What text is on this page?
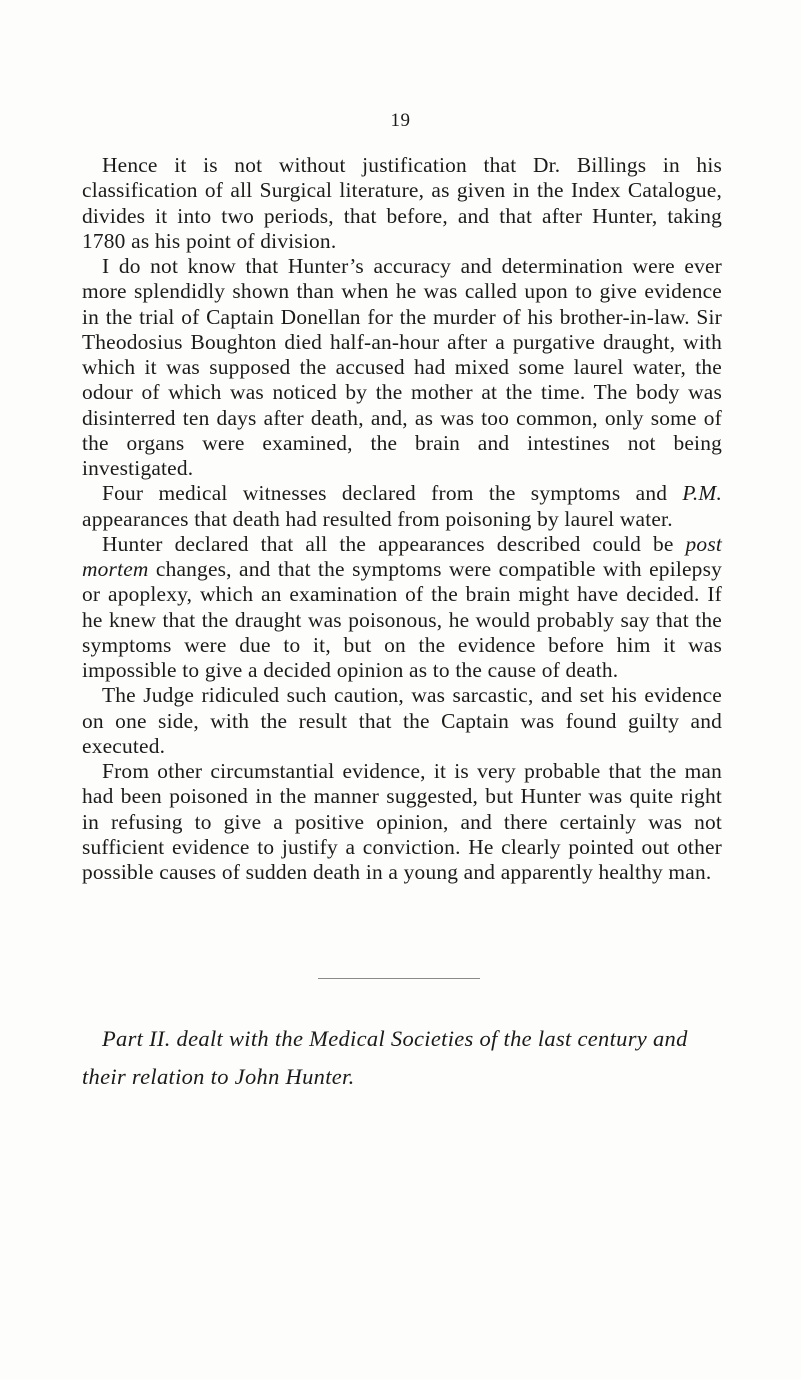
19

Hence it is not without justification that Dr. Billings in his classification of all Surgical literature, as given in the Index Catalogue, divides it into two periods, that before, and that after Hunter, taking 1780 as his point of division.

I do not know that Hunter’s accuracy and determination were ever more splendidly shown than when he was called upon to give evidence in the trial of Captain Donellan for the murder of his brother-in-law. Sir Theodosius Boughton died half-an-hour after a purgative draught, with which it was supposed the accused had mixed some laurel water, the odour of which was noticed by the mother at the time. The body was disinterred ten days after death, and, as was too common, only some of the organs were examined, the brain and intestines not being investigated.

Four medical witnesses declared from the symptoms and P.M. appearances that death had resulted from poisoning by laurel water.

Hunter declared that all the appearances described could be post mortem changes, and that the symptoms were compatible with epilepsy or apoplexy, which an examination of the brain might have decided. If he knew that the draught was poisonous, he would probably say that the symptoms were due to it, but on the evidence before him it was impossible to give a decided opinion as to the cause of death.

The Judge ridiculed such caution, was sarcastic, and set his evidence on one side, with the result that the Captain was found guilty and executed.

From other circumstantial evidence, it is very probable that the man had been poisoned in the manner suggested, but Hunter was quite right in refusing to give a positive opinion, and there certainly was not sufficient evidence to justify a conviction. He clearly pointed out other possible causes of sudden death in a young and apparently healthy man.

Part II. dealt with the Medical Societies of the last century and their relation to John Hunter.
